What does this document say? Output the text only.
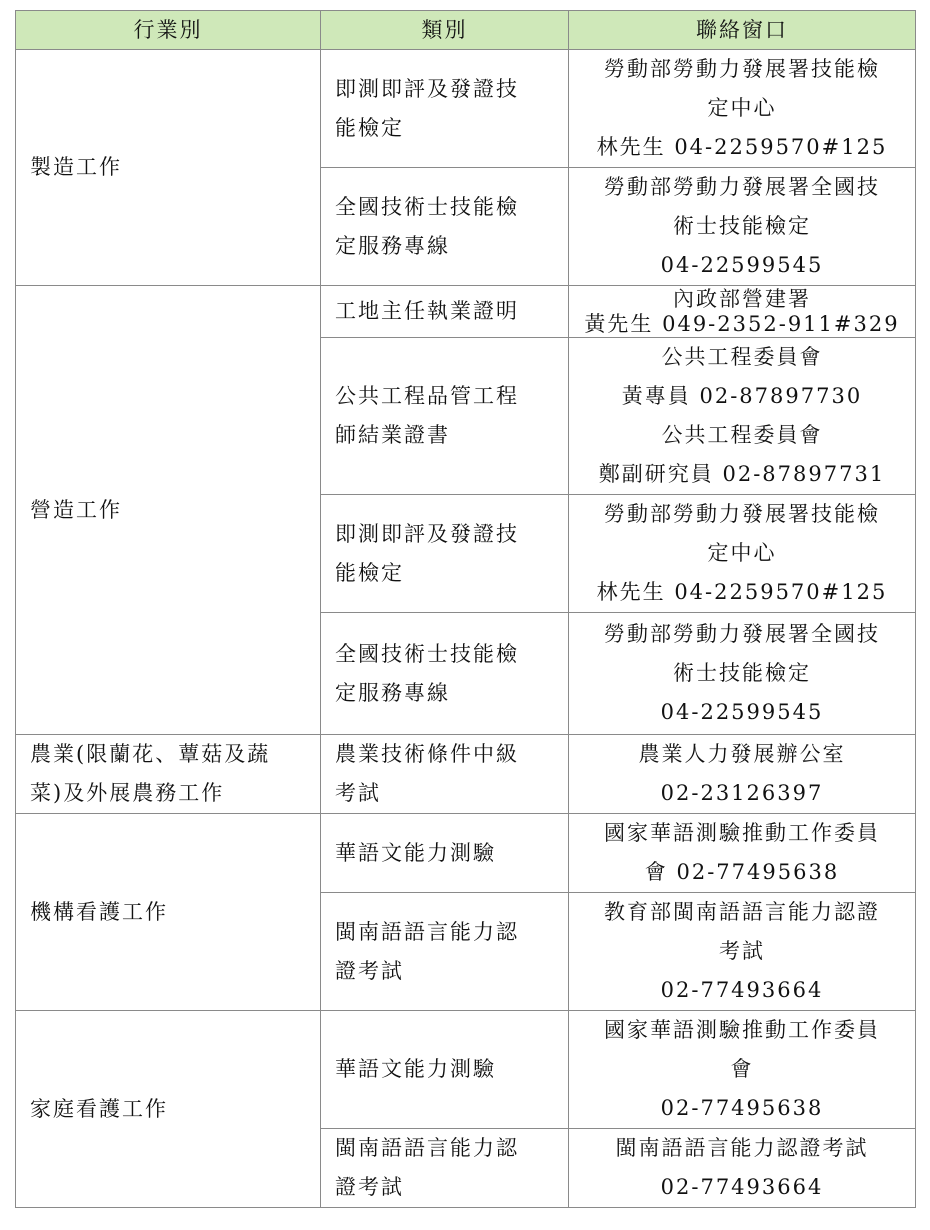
行業別	類別	聯絡窗口

製造工作	即測即評及發證技
能檢定	勞動部勞動力發展署技能檢
定中心
林先生 04-2259570#125

	全國技術士技能檢
定服務專線	勞動部勞動力發展署全國技
術士技能檢定
04-22599545

營造工作	工地主任執業證明	內政部營建署
黃先生 049-2352-911#329

	公共工程品管工程
師結業證書	公共工程委員會
黃專員 02-87897730
公共工程委員會
鄭副研究員 02-87897731

	即測即評及發證技
能檢定	勞動部勞動力發展署技能檢
定中心
林先生 04-2259570#125

	全國技術士技能檢
定服務專線	勞動部勞動力發展署全國技
術士技能檢定
04-22599545

農業(限蘭花、蕈菇及蔬
菜)及外展農務工作	農業技術條件中級
考試	農業人力發展辦公室
02-23126397

機構看護工作	華語文能力測驗	國家華語測驗推動工作委員
會 02-77495638

	閩南語語言能力認
證考試	教育部閩南語語言能力認證
考試
02-77493664

家庭看護工作	華語文能力測驗	國家華語測驗推動工作委員
會
02-77495638

	閩南語語言能力認
證考試	閩南語語言能力認證考試
02-77493664
